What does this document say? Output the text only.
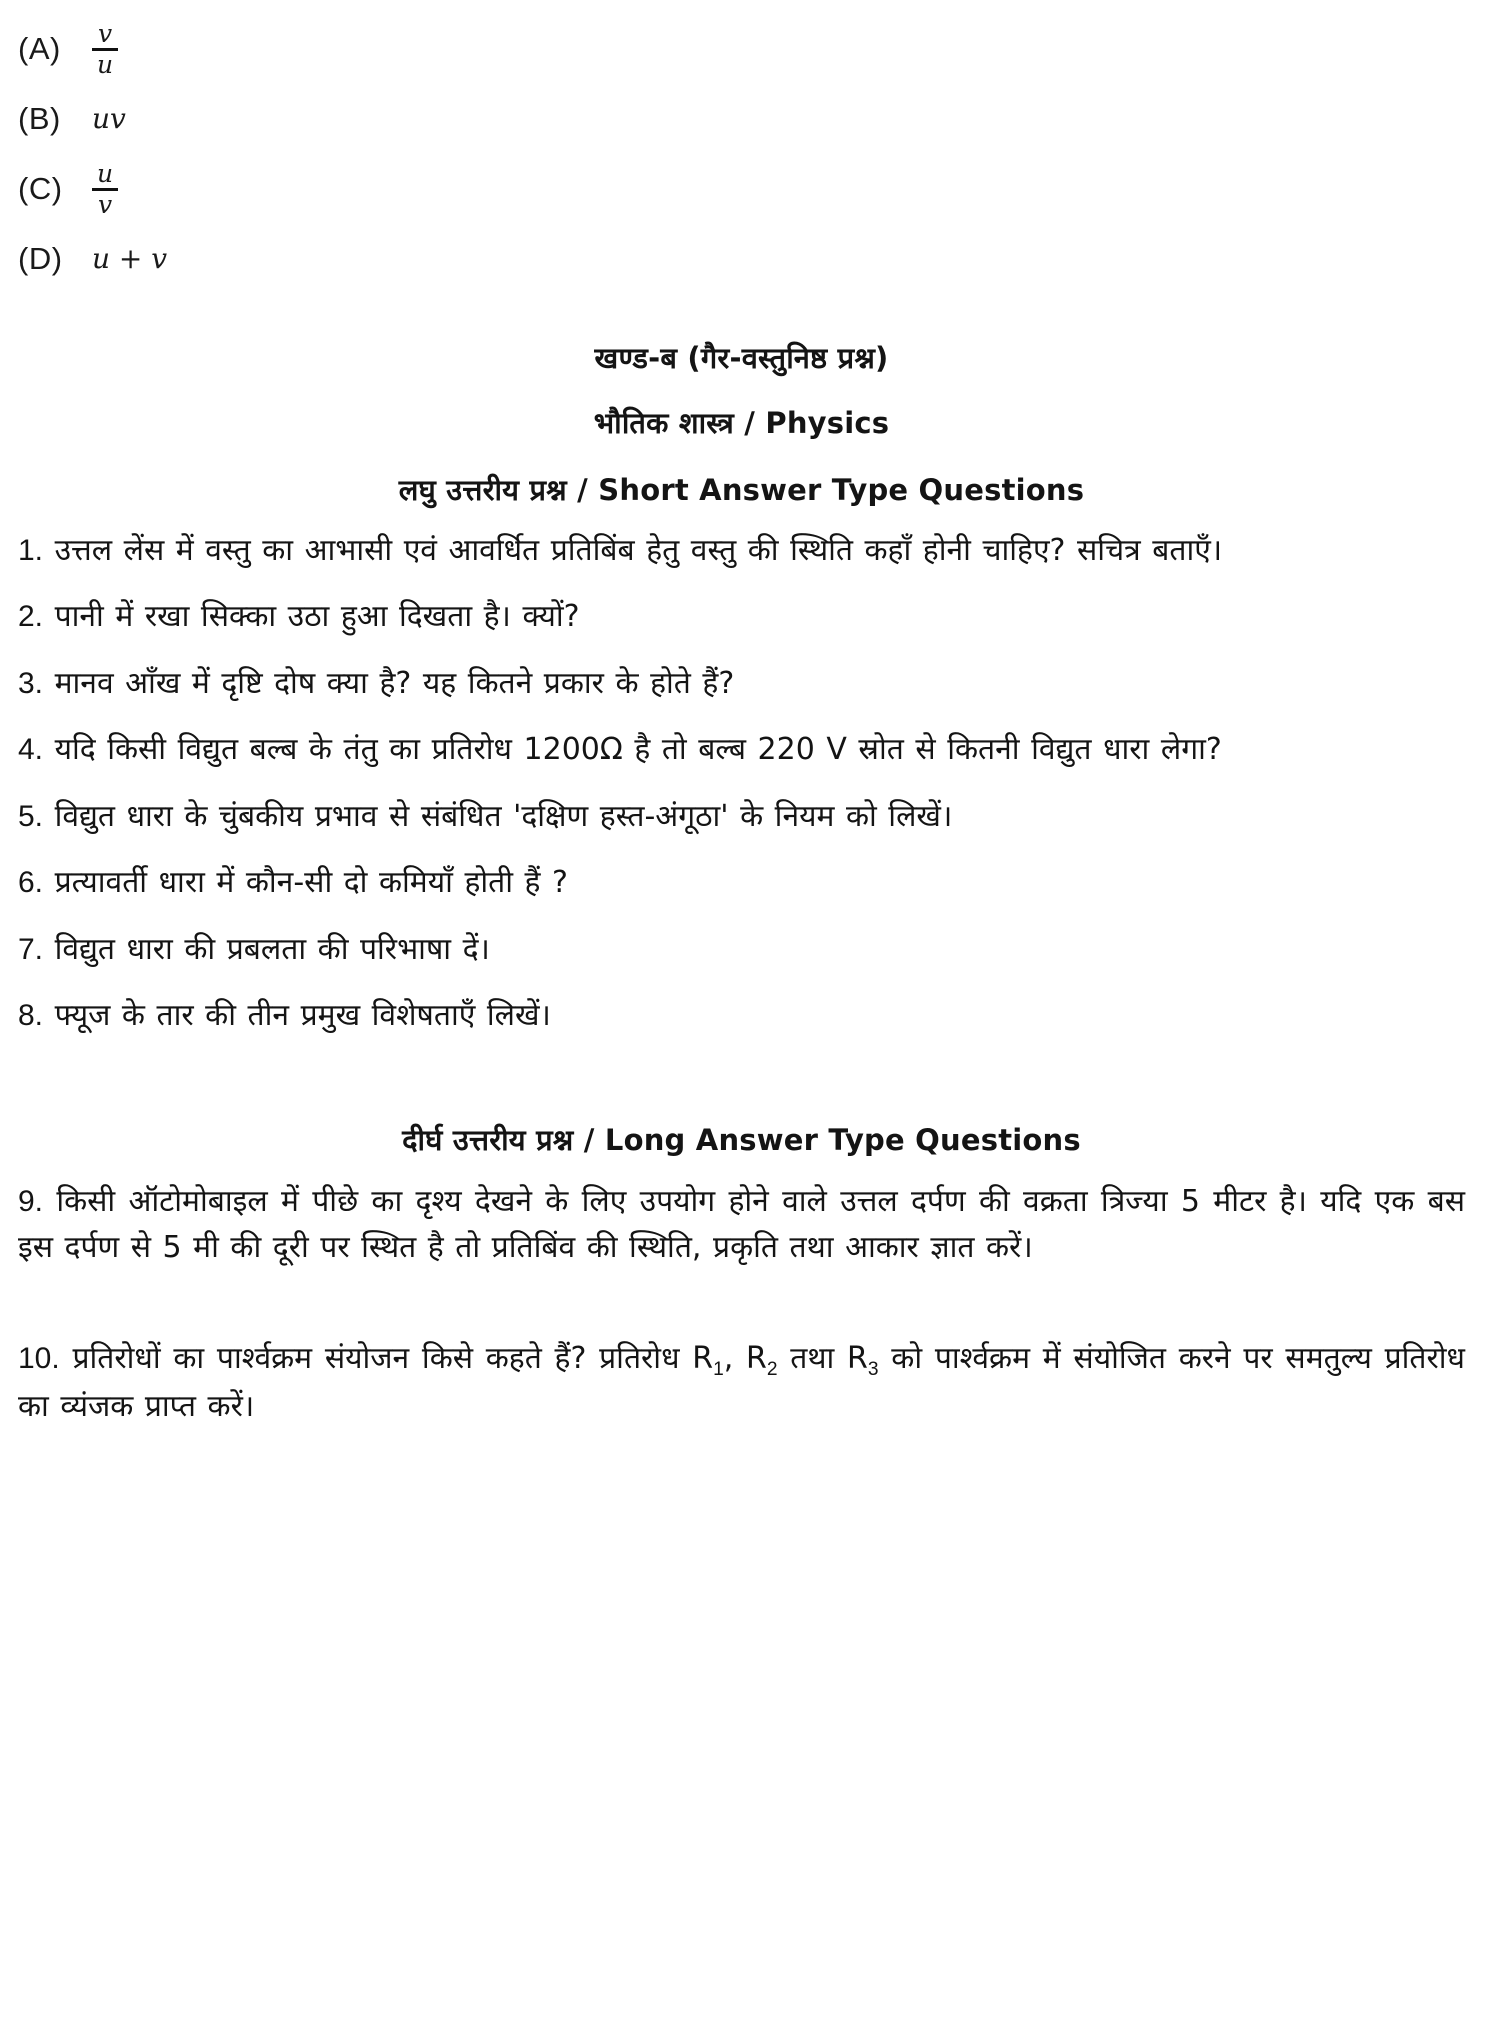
(A)	$\frac{v}{u}$
(B)	uv
(C)	$\frac{u}{v}$
(D)	u + v
खण्ड-ब (गैर-वस्तुनिष्ठ प्रश्न)
भौतिक शास्त्र / Physics
लघु उत्तरीय प्रश्न / Short Answer Type Questions
1. उत्तल लेंस में वस्तु का आभासी एवं आवर्धित प्रतिबिंब हेतु वस्तु की स्थिति कहाँ होनी चाहिए? सचित्र बताएँ।
2. पानी में रखा सिक्का उठा हुआ दिखता है। क्यों?
3. मानव आँख में दृष्टि दोष क्या है? यह कितने प्रकार के होते हैं?
4. यदि किसी विद्युत बल्ब के तंतु का प्रतिरोध 1200Ω है तो बल्ब 220 V स्रोत से कितनी विद्युत धारा लेगा?
5. विद्युत धारा के चुंबकीय प्रभाव से संबंधित 'दक्षिण हस्त-अंगूठा' के नियम को लिखें।
6. प्रत्यावर्ती धारा में कौन-सी दो कमियाँ होती हैं ?
7. विद्युत धारा की प्रबलता की परिभाषा दें।
8. फ्यूज के तार की तीन प्रमुख विशेषताएँ लिखें।
दीर्घ उत्तरीय प्रश्न / Long Answer Type Questions
9. किसी ऑटोमोबाइल में पीछे का दृश्य देखने के लिए उपयोग होने वाले उत्तल दर्पण की वक्रता त्रिज्या 5 मीटर है। यदि एक बस इस दर्पण से 5 मी की दूरी पर स्थित है तो प्रतिबिंव की स्थिति, प्रकृति तथा आकार ज्ञात करें।
10. प्रतिरोधों का पार्श्वक्रम संयोजन किसे कहते हैं? प्रतिरोध $R_1$, $R_2$ तथा $R_3$ को पार्श्वक्रम में संयोजित करने पर समतुल्य प्रतिरोध का व्यंजक प्राप्त करें।
